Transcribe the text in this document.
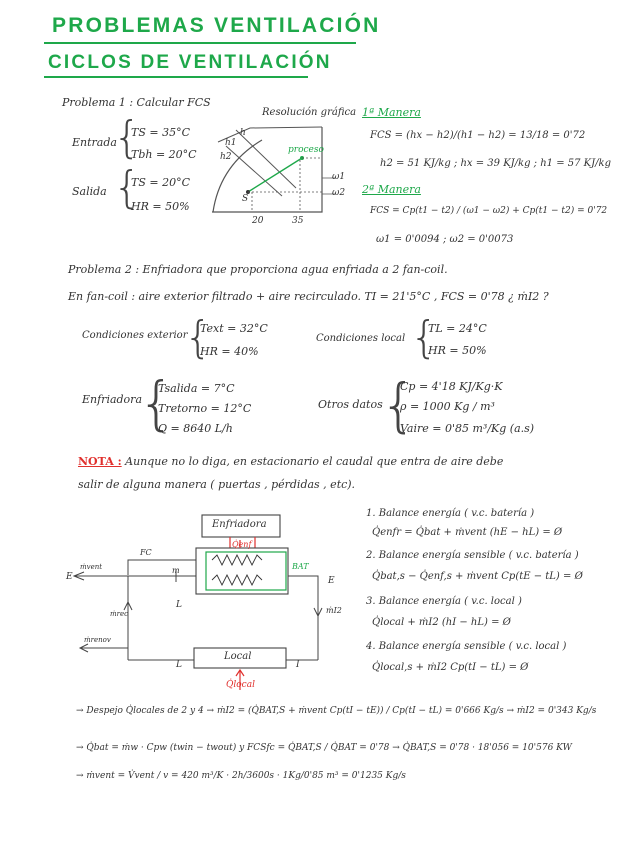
PROBLEMAS VENTILACIÓN
CICLOS DE VENTILACIÓN
Problema 1 : Calcular FCS
Entrada
{
TS = 35°C
Tbh = 20°C
Salida {
TS = 20°C
HR = 50%
Resolución gráfica
proceso
h
h1
h2
ω1
ω2
S
20	35
1ª Manera
FCS = (hx − h2)/(h1 − h2) = 13/18 = 0'72
h2 = 51 KJ/kg ; hx = 39 KJ/kg ; h1 = 57 KJ/kg
2ª Manera
FCS = Cp(t1 − t2) / (ω1 − ω2) + Cp(t1 − t2) = 0'72
ω1 = 0'0094 ; ω2 = 0'0073
Problema 2 : Enfriadora que proporciona agua enfriada a 2 fan-coil.
En fan-coil : aire exterior filtrado + aire recirculado. TI = 21'5°C , FCS = 0'78 ¿ ṁI2 ?
Condiciones exterior
{
Text = 32°C
HR = 40%
Condiciones local {
TL = 24°C
HR = 50%
Enfriadora
{
Tsalida = 7°C
Tretorno = 12°C
Q = 8640 L/h
Otros datos
{
Cp = 4'18 KJ/Kg·K
ρ = 1000 Kg / m³
Vaire = 0'85 m³/Kg (a.s)
NOTA : Aunque no lo diga, en estacionario el caudal que entra de aire debe
salir de alguna manera ( puertas , pérdidas , etc).
Enfriadora
FC
BAT
Q̇enf
Local
ṁvent
ṁrec	ṁI2
ṁrenov
Q̇local
E
m
E
L
L
I
1. Balance energía ( v.c. batería )
Q̇enfr = Q̇bat + ṁvent (hE − hL) = Ø
2. Balance energía sensible ( v.c. batería )
Q̇bat,s − Q̇enf,s + ṁvent Cp(tE − tL) = Ø
3. Balance energía ( v.c. local )
Q̇local + ṁI2 (hI − hL) = Ø
4. Balance energía sensible ( v.c. local )
Q̇local,s + ṁI2 Cp(tI − tL) = Ø
→ Despejo Q̇locales de 2 y 4 → ṁI2 = (Q̇BAT,S + ṁvent Cp(tI − tE)) / Cp(tI − tL) = 0'666 Kg/s → ṁI2 = 0'343 Kg/s
→ Q̇bat = ṁw · Cpw (twin − twout) y FCSfc = Q̇BAT,S / Q̇BAT = 0'78 → Q̇BAT,S = 0'78 · 18'056 = 10'576 KW
→ ṁvent = V̇vent / v = 420 m³/K · 2h/3600s · 1Kg/0'85 m³ = 0'1235 Kg/s
